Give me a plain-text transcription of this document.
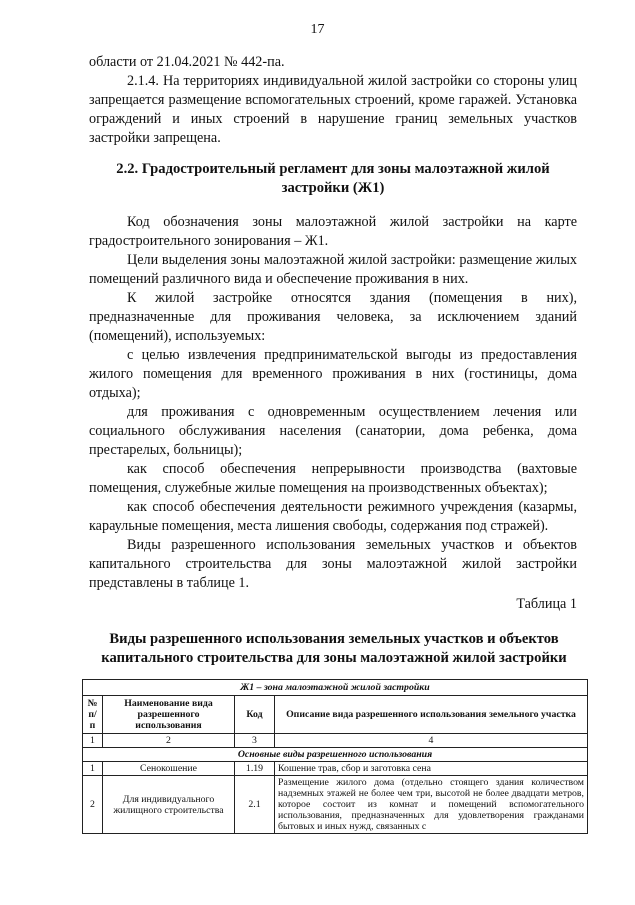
17

области от 21.04.2021 № 442-па.

2.1.4. На территориях индивидуальной жилой застройки со стороны улиц запрещается размещение вспомогательных строений, кроме гаражей. Установка ограждений и иных строений в нарушение границ земельных участков застройки запрещена.

2.2. Градостроительный регламент для зоны малоэтажной жилой застройки (Ж1)

Код обозначения зоны малоэтажной жилой застройки на карте градостроительного зонирования – Ж1.

Цели выделения зоны малоэтажной жилой застройки: размещение жилых помещений различного вида и обеспечение проживания в них.

К жилой застройке относятся здания (помещения в них), предназначенные для проживания человека, за исключением зданий (помещений), используемых:

с целью извлечения предпринимательской выгоды из предоставления жилого помещения для временного проживания в них (гостиницы, дома отдыха);

для проживания с одновременным осуществлением лечения или социального обслуживания населения (санатории, дома ребенка, дома престарелых, больницы);

как способ обеспечения непрерывности производства (вахтовые помещения, служебные жилые помещения на производственных объектах);

как способ обеспечения деятельности режимного учреждения (казармы, караульные помещения, места лишения свободы, содержания под стражей).

Виды разрешенного использования земельных участков и объектов капитального строительства для зоны малоэтажной жилой застройки представлены в таблице 1.

Таблица 1
Виды разрешенного использования земельных участков и объектов капитального строительства для зоны малоэтажной жилой застройки
Ж1 – зона малоэтажной жилой застройки			
№ п/п	Наименование вида разрешенного использования	Код	Описание вида разрешенного использования земельного участка
1	2	3	4
Основные виды разрешенного использования			
1	Сенокошение	1.19	Кошение трав, сбор и заготовка сена
2	Для индивидуального жилищного строительства	2.1	Размещение жилого дома (отдельно стоящего здания количеством надземных этажей не более чем три, высотой не более двадцати метров, которое состоит из комнат и помещений вспомогательного использования, предназначенных для удовлетворения гражданами бытовых и иных нужд, связанных с
